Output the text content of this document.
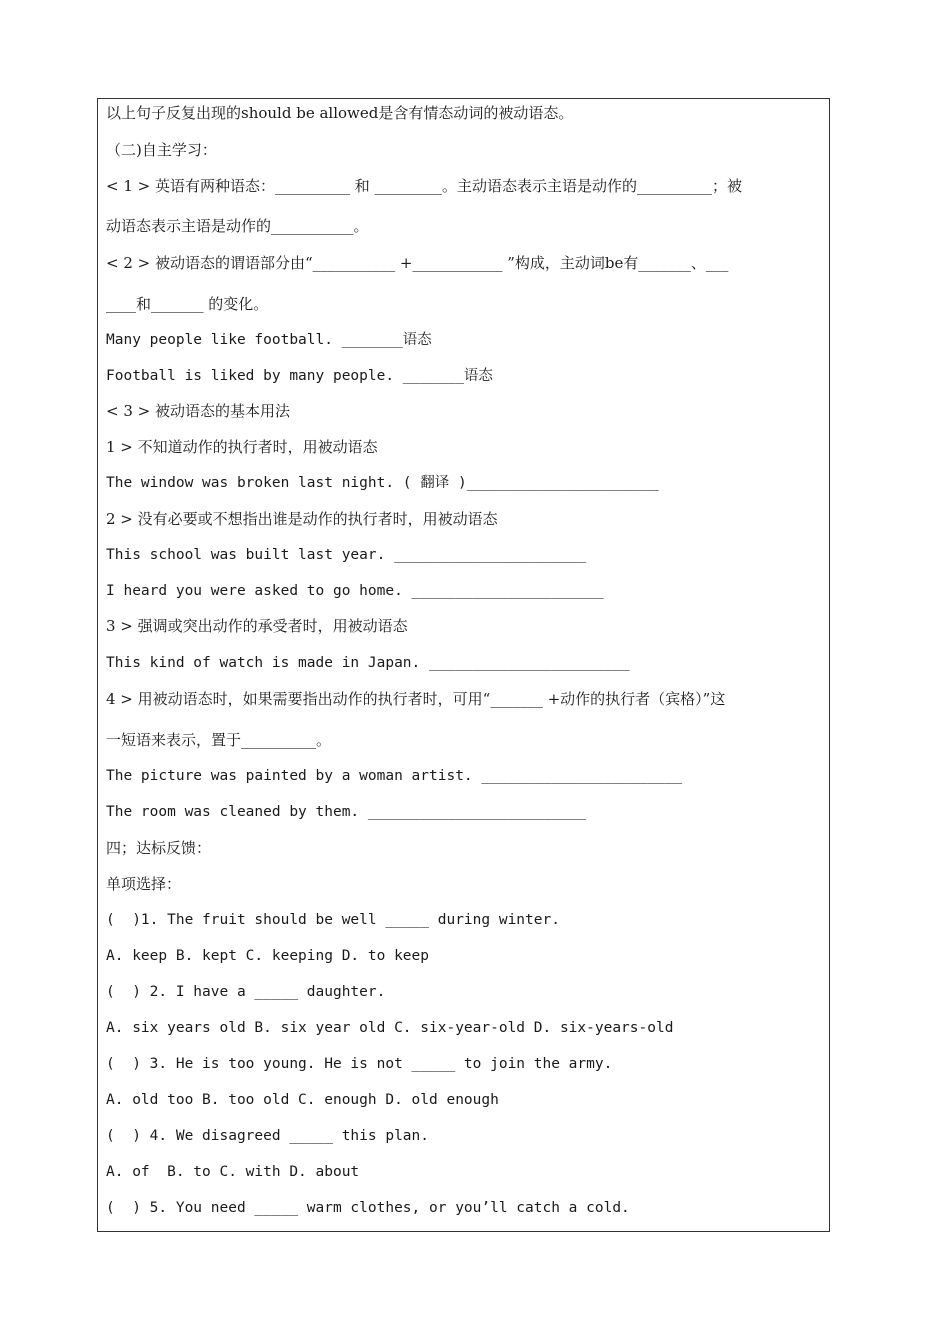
以上句子反复出现的should be allowed是含有情态动词的被动语态。
（二)自主学习：
< 1 > 英语有两种语态：__________ 和 _________。主动语态表示主语是动作的__________；被
动语态表示主语是动作的___________。
< 2 > 被动语态的谓语部分由“___________ +____________ ”构成，主动词be有_______、___
____和_______ 的变化。
Many people like football. _______语态
Football is liked by many people. _______语态
< 3 > 被动语态的基本用法
1 > 不知道动作的执行者时，用被动语态
The window was broken last night. ( 翻译 )______________________
2 > 没有必要或不想指出谁是动作的执行者时，用被动语态
This school was built last year. ______________________
I heard you were asked to go home. ______________________
3 > 强调或突出动作的承受者时，用被动语态
This kind of watch is made in Japan. _______________________
4 > 用被动语态时，如果需要指出动作的执行者时，可用“_______ +动作的执行者（宾格）”这
一短语来表示，置于__________。
The picture was painted by a woman artist. _______________________
The room was cleaned by them. _________________________
四；达标反馈：
单项选择：
(  )1. The fruit should be well _____ during winter.
A. keep B. kept C. keeping D. to keep
(  ) 2. I have a _____ daughter.
A. six years old B. six year old C. six-year-old D. six-years-old
(  ) 3. He is too young. He is not _____ to join the army.
A. old too B. too old C. enough D. old enough
(  ) 4. We disagreed _____ this plan.
A. of  B. to C. with D. about
(  ) 5. You need _____ warm clothes, or you’ll catch a cold.
